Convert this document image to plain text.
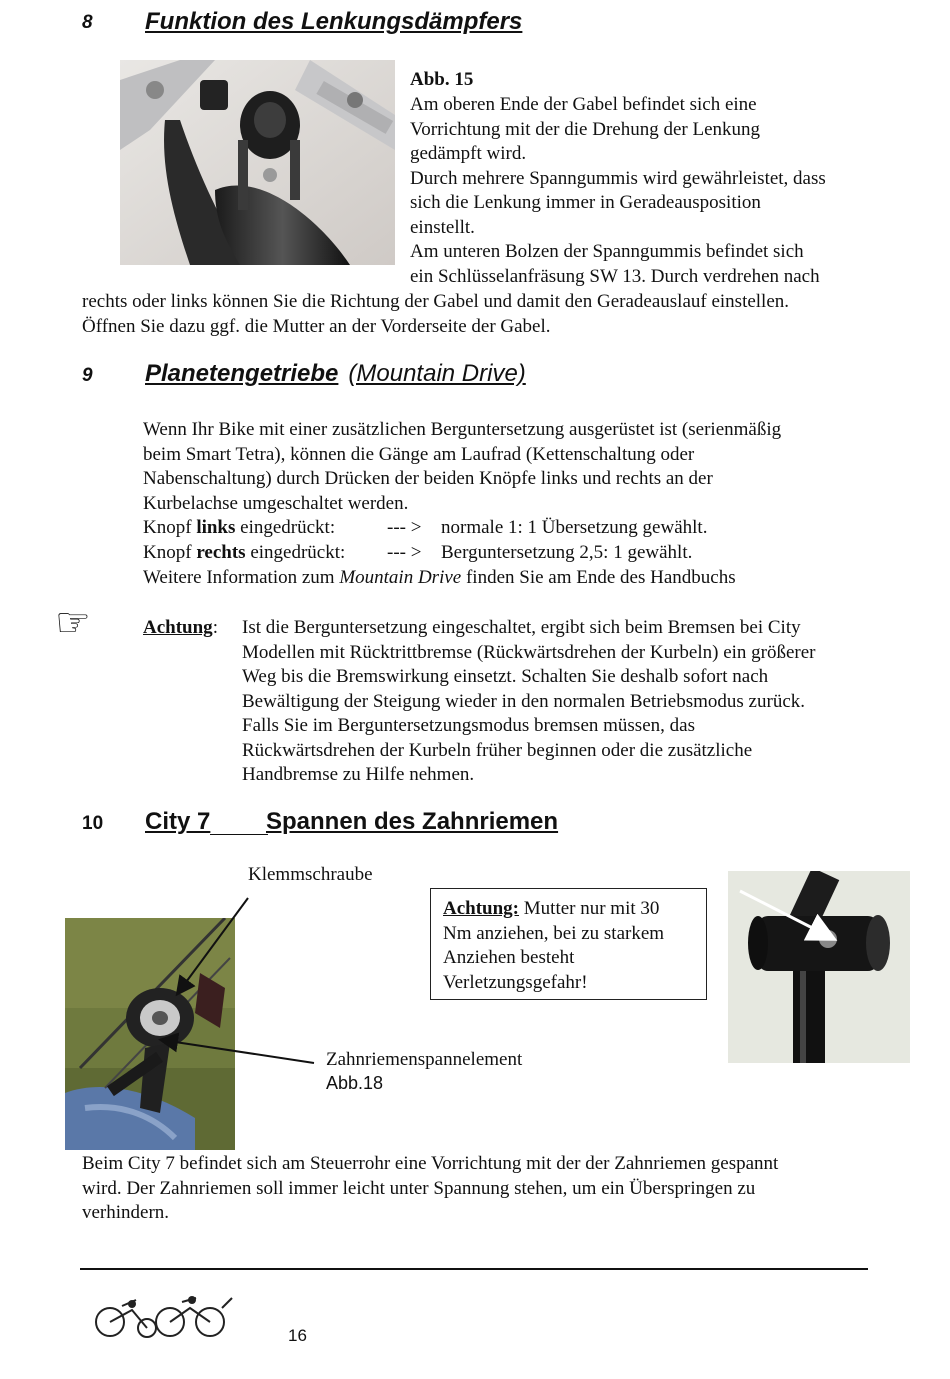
8 Funktion des Lenkungsdämpfers
Abb. 15
Am oberen Ende der Gabel befindet sich eine
Vorrichtung mit der die Drehung der Lenkung
gedämpft wird.
Durch mehrere Spanngummis wird gewährleistet, dass
sich die Lenkung immer in Geradeausposition
einstellt.
Am unteren Bolzen der Spanngummis befindet sich
ein Schlüsselanfräsung SW 13. Durch verdrehen nach
rechts oder links können Sie die Richtung der Gabel und damit den Geradeauslauf einstellen.
Öffnen Sie dazu ggf. die Mutter an der Vorderseite der Gabel.
9 Planetengetriebe (Mountain Drive)
Wenn Ihr Bike mit einer zusätzlichen Berguntersetzung ausgerüstet ist (serienmäßig
beim Smart Tetra), können die Gänge am Laufrad (Kettenschaltung oder
Nabenschaltung) durch Drücken der beiden Knöpfe links und rechts an der
Kurbelachse umgeschaltet werden.
Knopf links eingedrückt:	--- > normale 1: 1 Übersetzung gewählt.
Knopf rechts eingedrückt: --- > Berguntersetzung 2,5: 1 gewählt.
Weitere Information zum Mountain Drive finden Sie am Ende des Handbuchs
☞	Achtung: Ist die Berguntersetzung eingeschaltet, ergibt sich beim Bremsen bei City
Modellen mit Rücktrittbremse (Rückwärtsdrehen der Kurbeln) ein größerer
Weg bis die Bremswirkung einsetzt. Schalten Sie deshalb sofort nach
Bewältigung der Steigung wieder in den normalen Betriebsmodus zurück.
Falls Sie im Berguntersetzungsmodus bremsen müssen, das
Rückwärtsdrehen der Kurbeln früher beginnen oder die zusätzliche
Handbremse zu Hilfe nehmen.
10 City 7 Spannen des Zahnriemen
Klemmschraube
Achtung: Mutter nur mit 30
Nm anziehen, bei zu starkem
Anziehen besteht
Verletzungsgefahr!
Zahnriemenspannelement
Abb.18
Beim City 7 befindet sich am Steuerrohr eine Vorrichtung mit der der Zahnriemen gespannt
wird. Der Zahnriemen soll immer leicht unter Spannung stehen, um ein Überspringen zu
verhindern.
16
